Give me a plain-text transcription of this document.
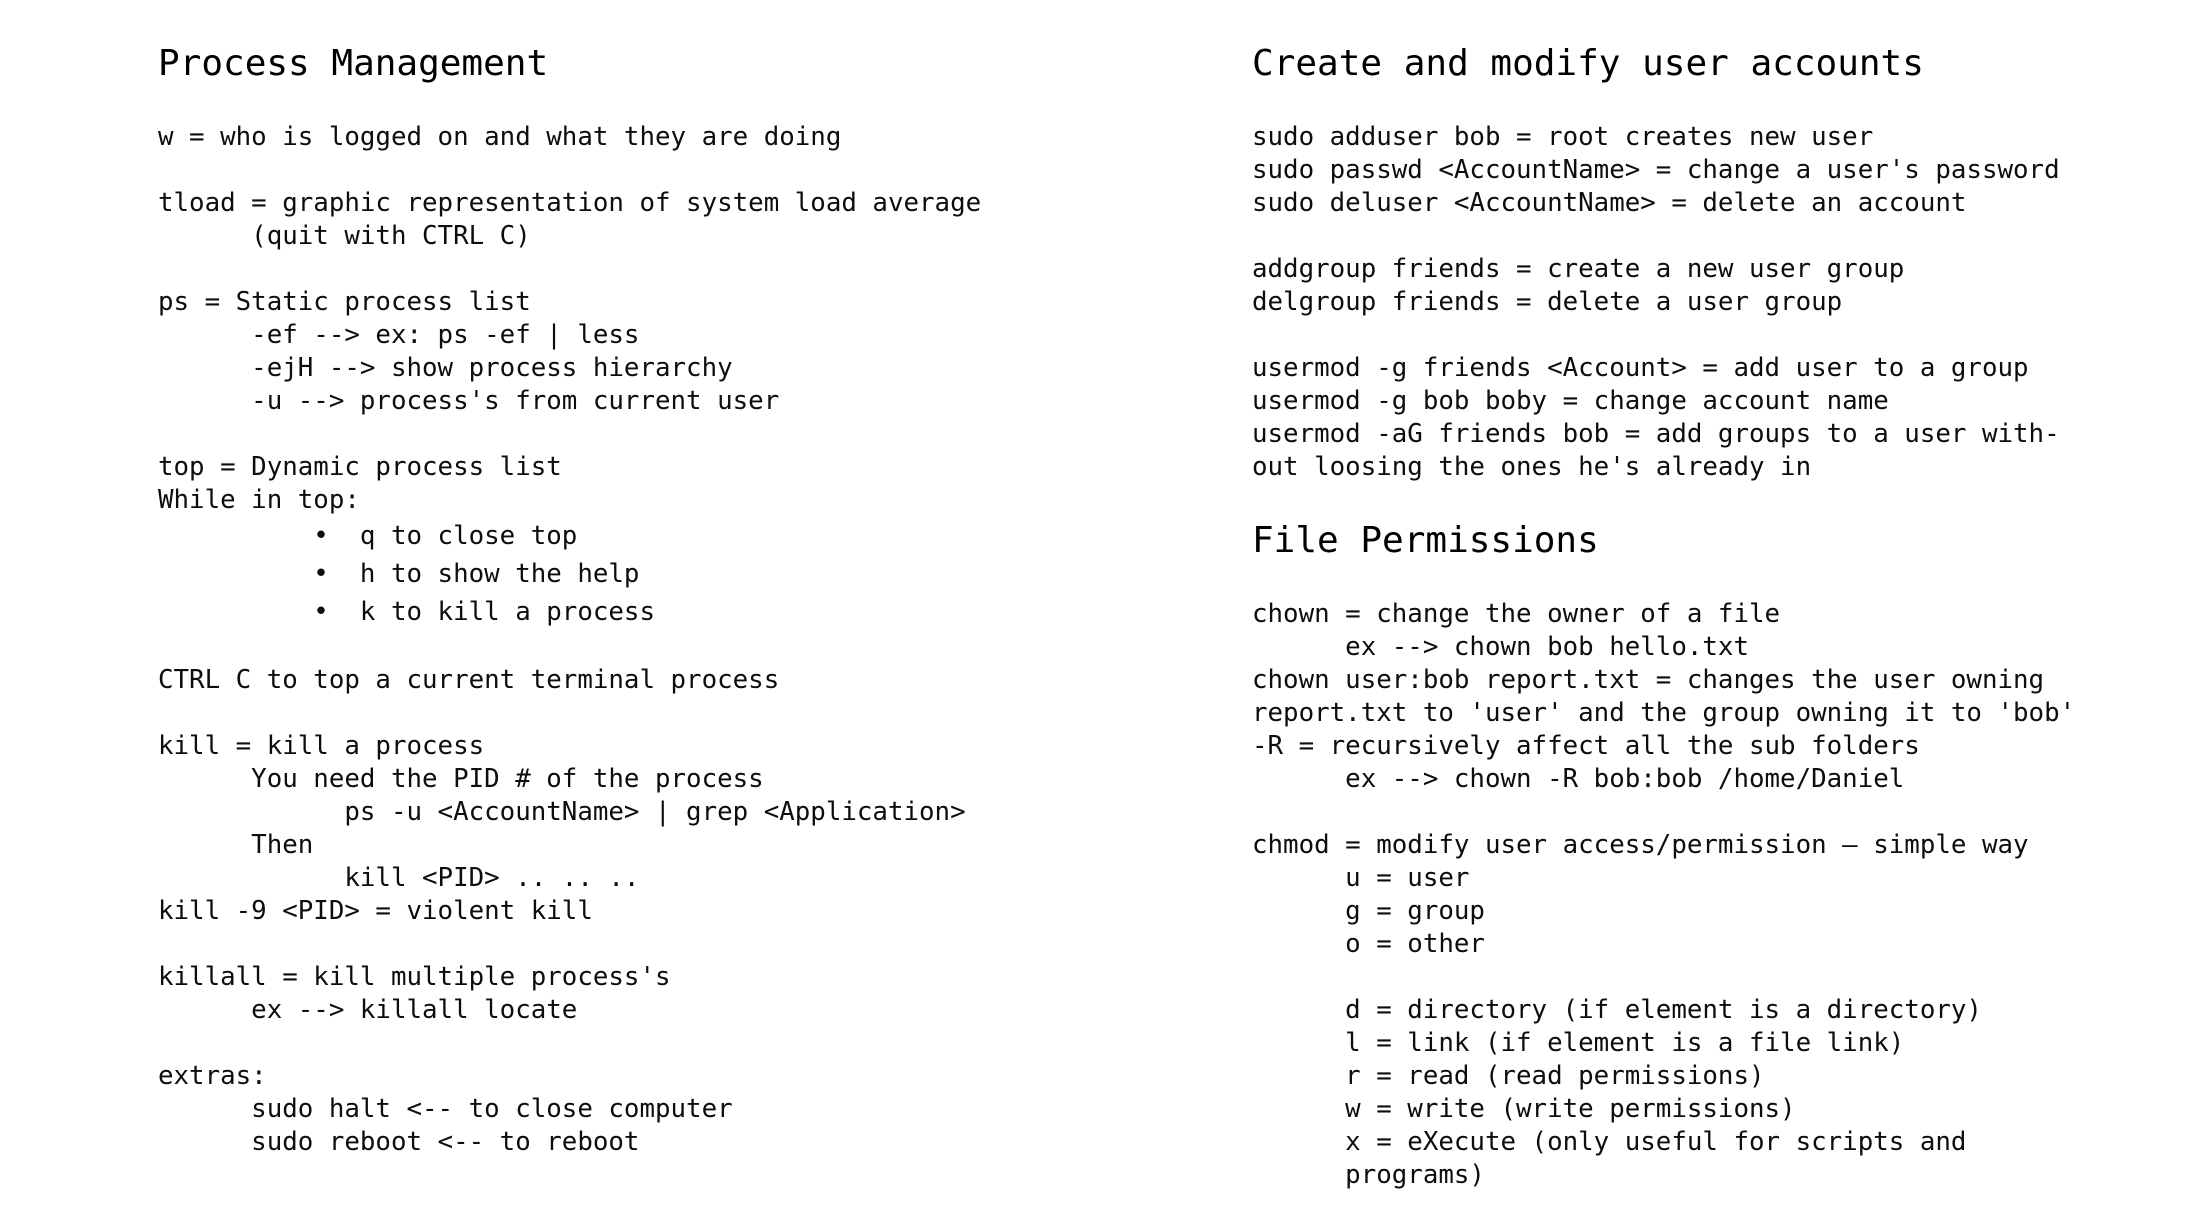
Process Management

w = who is logged on and what they are doing

tload = graphic representation of system load average
(quit with CTRL C)

ps = Static process list
-ef --> ex: ps -ef | less
-ejH --> show process hierarchy
-u --> process's from current user

top = Dynamic process list
While in top:
•  q to close top
•  h to show the help
•  k to kill a process

CTRL C to top a current terminal process

kill = kill a process
You need the PID # of the process
ps -u <AccountName> | grep <Application>
Then
kill <PID> .. .. ..
kill -9 <PID> = violent kill

killall = kill multiple process's
ex --> killall locate

extras:
sudo halt <-- to close computer
sudo reboot <-- to reboot
Create and modify user accounts

sudo adduser bob = root creates new user
sudo passwd <AccountName> = change a user's password
sudo deluser <AccountName> = delete an account

addgroup friends = create a new user group
delgroup friends = delete a user group

usermod -g friends <Account> = add user to a group
usermod -g bob boby = change account name
usermod -aG friends bob = add groups to a user with-
out loosing the ones he's already in

File Permissions

chown = change the owner of a file
ex --> chown bob hello.txt
chown user:bob report.txt = changes the user owning
report.txt to 'user' and the group owning it to 'bob'
-R = recursively affect all the sub folders
ex --> chown -R bob:bob /home/Daniel

chmod = modify user access/permission – simple way
u = user
g = group
o = other

d = directory (if element is a directory)
l = link (if element is a file link)
r = read (read permissions)
w = write (write permissions)
x = eXecute (only useful for scripts and
programs)
